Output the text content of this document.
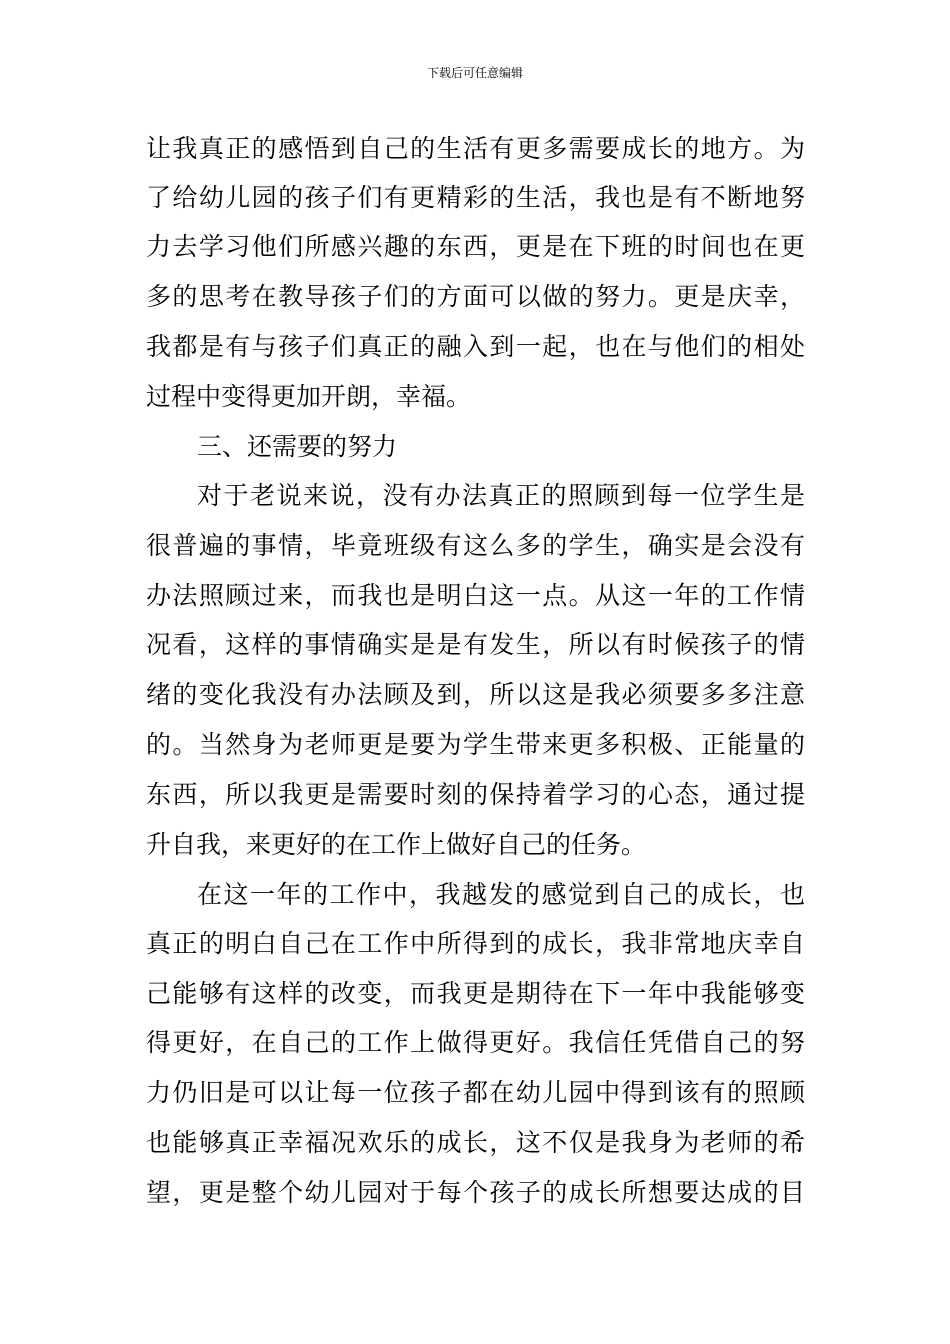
下载后可任意编辑
让我真正的感悟到自己的生活有更多需要成长的地方。为
了给幼儿园的孩子们有更精彩的生活，我也是有不断地努
力去学习他们所感兴趣的东西，更是在下班的时间也在更
多的思考在教导孩子们的方面可以做的努力。更是庆幸，
我都是有与孩子们真正的融入到一起，也在与他们的相处
过程中变得更加开朗，幸福。
三、还需要的努力
对于老说来说，没有办法真正的照顾到每一位学生是
很普遍的事情，毕竟班级有这么多的学生，确实是会没有
办法照顾过来，而我也是明白这一点。从这一年的工作情
况看，这样的事情确实是是有发生，所以有时候孩子的情
绪的变化我没有办法顾及到，所以这是我必须要多多注意
的。当然身为老师更是要为学生带来更多积极、正能量的
东西，所以我更是需要时刻的保持着学习的心态，通过提
升自我，来更好的在工作上做好自己的任务。
在这一年的工作中，我越发的感觉到自己的成长，也
真正的明白自己在工作中所得到的成长，我非常地庆幸自
己能够有这样的改变，而我更是期待在下一年中我能够变
得更好，在自己的工作上做得更好。我信任凭借自己的努
力仍旧是可以让每一位孩子都在幼儿园中得到该有的照顾
也能够真正幸福况欢乐的成长，这不仅是我身为老师的希
望，更是整个幼儿园对于每个孩子的成长所想要达成的目
